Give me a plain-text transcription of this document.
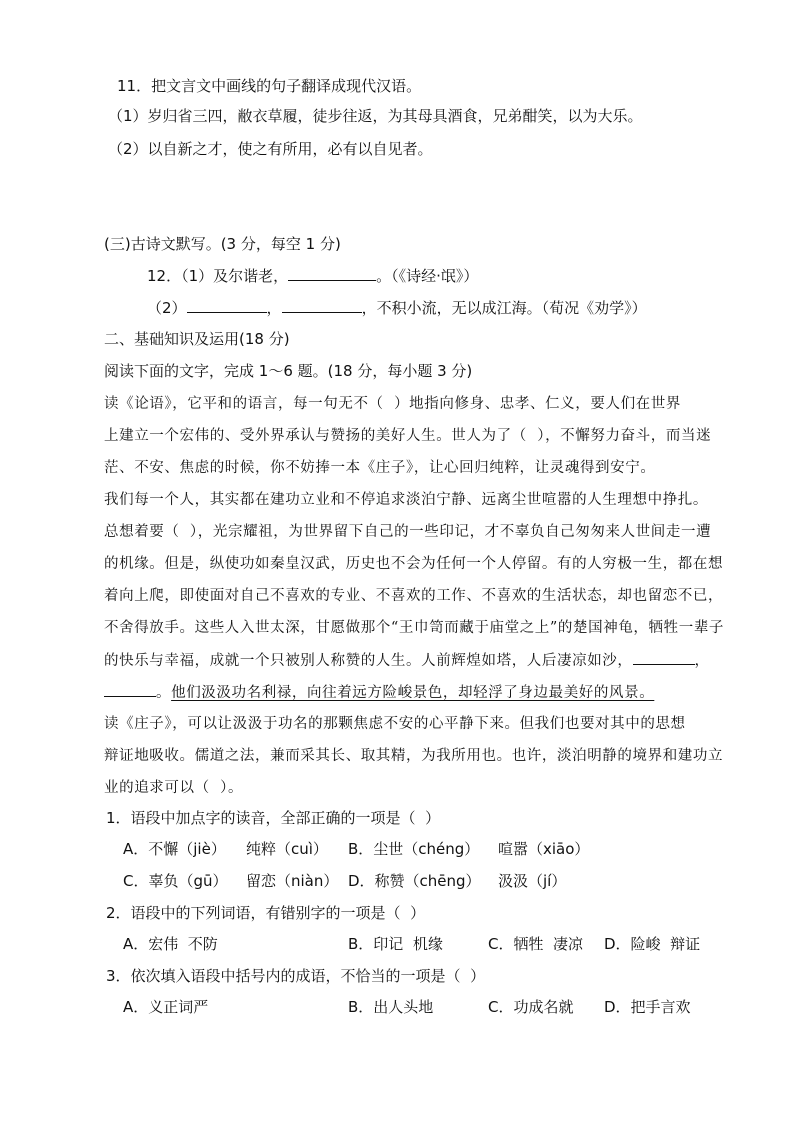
11．把文言文中画线的句子翻译成现代汉语。
（1）岁归省三四，敝衣草履，徒步往返，为其母具酒食，兄弟酣笑，以为大乐。
（2）以自新之才，使之有所用，必有以自见者。
(三)古诗文默写。(3 分，每空 1 分)
12．（1）及尔谐老，	。（《诗经·氓》）
（2）	，	，不积小流，无以成江海。（荀况《劝学》）
二、基础知识及运用(18 分)
阅读下面的文字，完成 1～6 题。(18 分，每小题 3 分)
读《论语》，它平和的语言，每一句无不（  ）地指向修身、忠孝、仁义，要人们在世界
上建立一个宏伟的、受外界承认与赞扬的美好人生。世人为了（  ），不懈努力奋斗，而当迷
茫、不安、焦虑的时候，你不妨捧一本《庄子》，让心回归纯粹，让灵魂得到安宁。
我们每一个人，其实都在建功立业和不停追求淡泊宁静、远离尘世喧嚣的人生理想中挣扎。
总想着要（  ），光宗耀祖，为世界留下自己的一些印记，才不辜负自己匆匆来人世间走一遭
的机缘。但是，纵使功如秦皇汉武，历史也不会为任何一个人停留。有的人穷极一生，都在想
着向上爬，即使面对自己不喜欢的专业、不喜欢的工作、不喜欢的生活状态，却也留恋不已，
不舍得放手。这些人入世太深，甘愿做那个“王巾笥而藏于庙堂之上”的楚国神龟，牺牲一辈子
的快乐与幸福，成就一个只被别人称赞的人生。人前辉煌如塔，人后凄凉如沙，	，
。他们汲汲功名利禄，向往着远方险峻景色，却轻浮了身边最美好的风景。
读《庄子》，可以让汲汲于功名的那颗焦虑不安的心平静下来。但我们也要对其中的思想
辩证地吸收。儒道之法，兼而采其长、取其精，为我所用也。也许，淡泊明静的境界和建功立
业的追求可以（  ）。
1．语段中加点字的读音，全部正确的一项是（  ）
A．不懈（jiè） 纯粹（cuì） B．尘世（chéng） 喧嚣（xiāo）
C．辜负（gū） 留恋（niàn） D．称赞（chēng） 汲汲（jí）
2．语段中的下列词语，有错别字的一项是（  ）
A．宏伟  不防	B．印记  机缘	C．牺牲  凄凉 D．险峻  辩证
3．依次填入语段中括号内的成语，不恰当的一项是（  ）
A．义正词严	B．出人头地	C．功成名就 D．把手言欢
